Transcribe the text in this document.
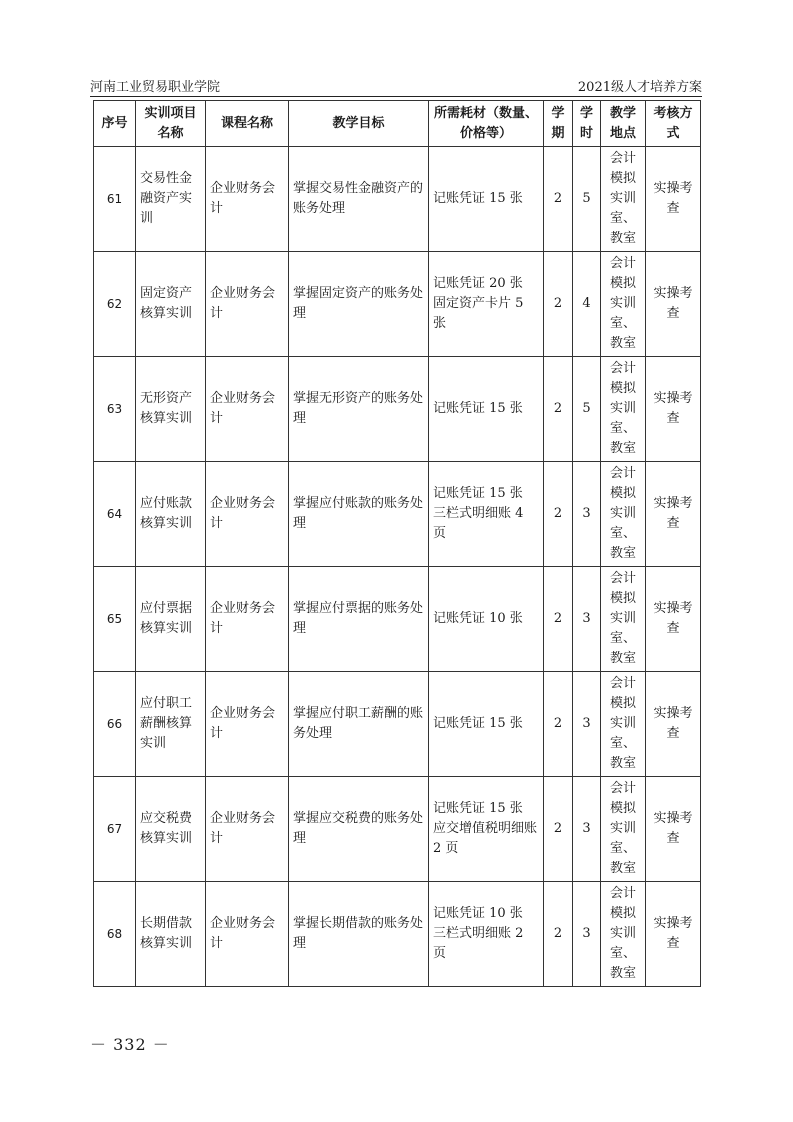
河南工业贸易职业学院	2021级人才培养方案
序号	实训项目名称	课程名称	教学目标	所需耗材（数量、价格等）	学期	学时	教学地点	考核方式
61	交易性金融资产实训	企业财务会计	掌握交易性金融资产的账务处理	记账凭证 15 张	2	5	会计模拟实训室、教室	实操考查
62	固定资产核算实训	企业财务会计	掌握固定资产的账务处理	记账凭证 20 张 固定资产卡片 5 张	2	4	会计模拟实训室、教室	实操考查
63	无形资产核算实训	企业财务会计	掌握无形资产的账务处理	记账凭证 15 张	2	5	会计模拟实训室、教室	实操考查
64	应付账款核算实训	企业财务会计	掌握应付账款的账务处理	记账凭证 15 张 三栏式明细账 4 页	2	3	会计模拟实训室、教室	实操考查
65	应付票据核算实训	企业财务会计	掌握应付票据的账务处理	记账凭证 10 张	2	3	会计模拟实训室、教室	实操考查
66	应付职工薪酬核算实训	企业财务会计	掌握应付职工薪酬的账务处理	记账凭证 15 张	2	3	会计模拟实训室、教室	实操考查
67	应交税费核算实训	企业财务会计	掌握应交税费的账务处理	记账凭证 15 张 应交增值税明细账 2 页	2	3	会计模拟实训室、教室	实操考查
68	长期借款核算实训	企业财务会计	掌握长期借款的账务处理	记账凭证 10 张 三栏式明细账 2 页	2	3	会计模拟实训室、教室	实操考查
－ 332 －
